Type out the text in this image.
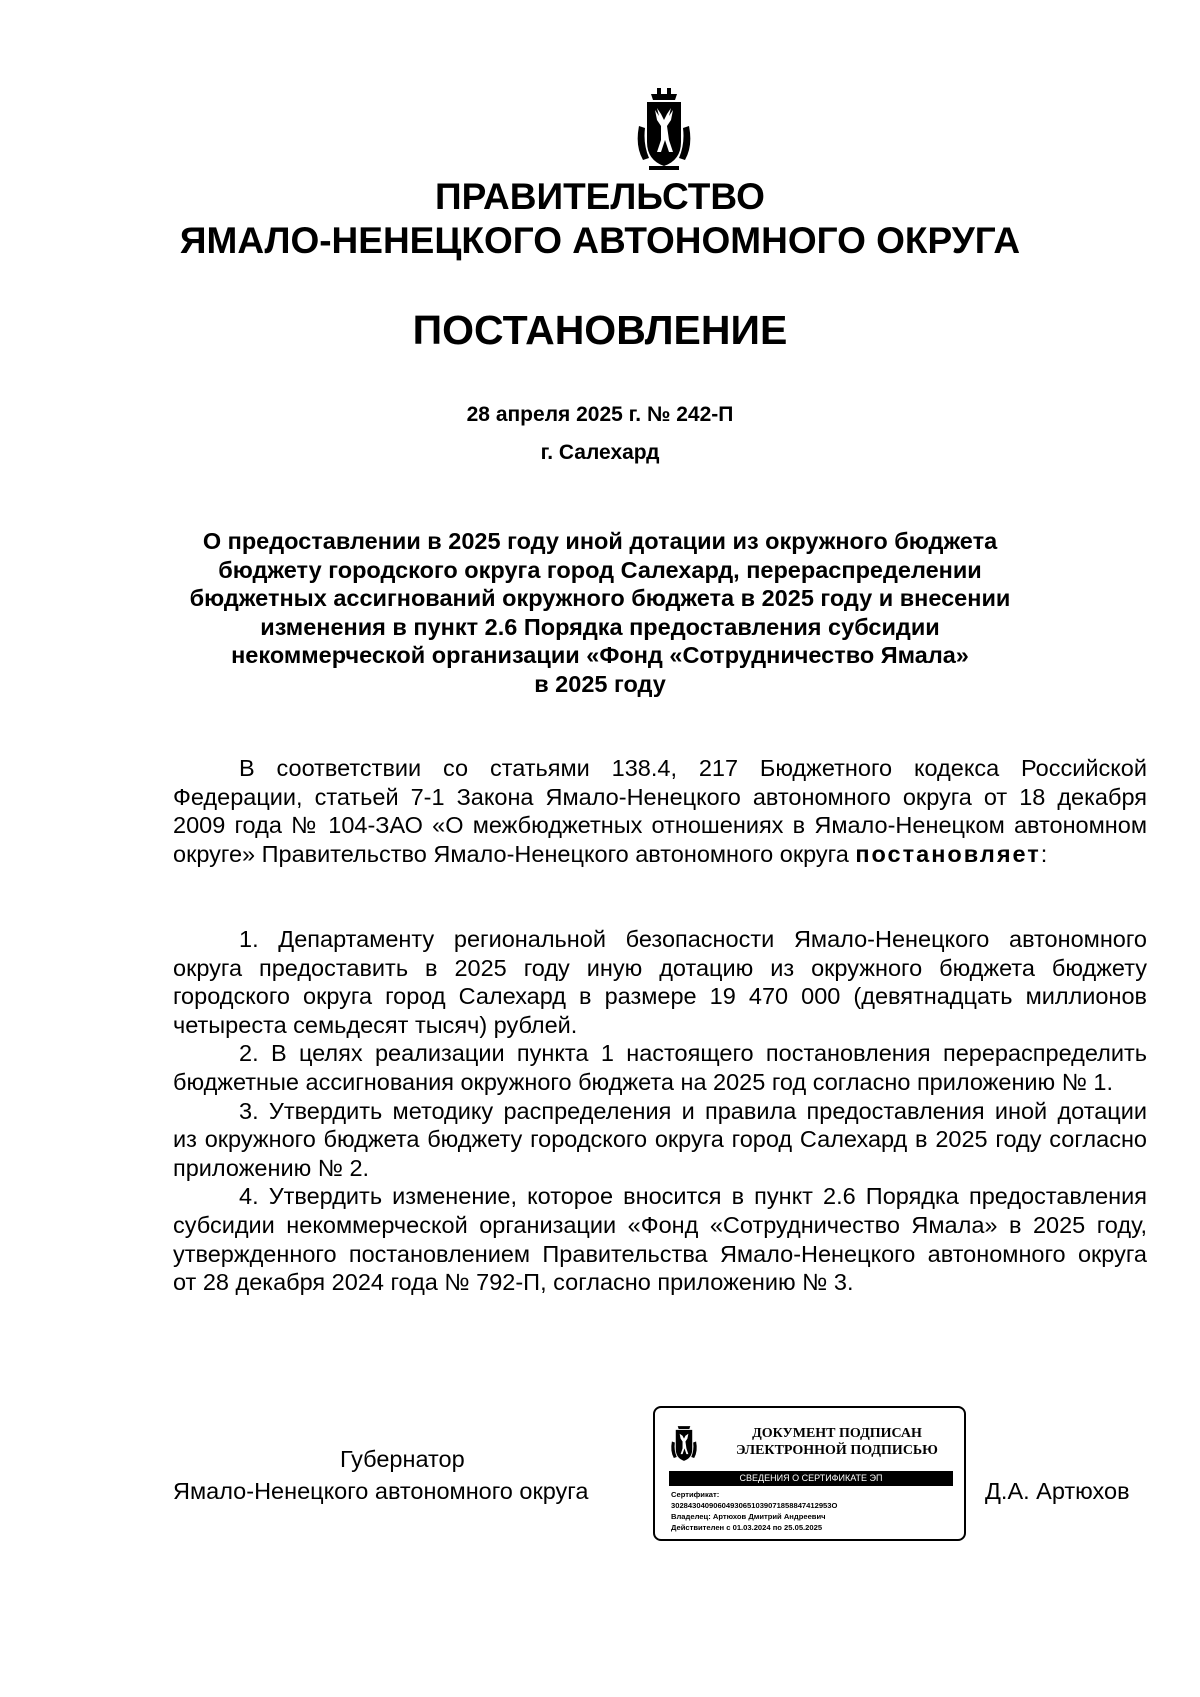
ПРАВИТЕЛЬСТВО
ЯМАЛО-НЕНЕЦКОГО АВТОНОМНОГО ОКРУГА
ПОСТАНОВЛЕНИЕ
28 апреля 2025 г. № 242-П
г. Салехард
О предоставлении в 2025 году иной дотации из окружного бюджета
бюджету городского округа город Салехард, перераспределении
бюджетных ассигнований окружного бюджета в 2025 году и внесении
изменения в пункт 2.6 Порядка предоставления субсидии
некоммерческой организации «Фонд «Сотрудничество Ямала»
в 2025 году

В соответствии со статьями 138.4, 217 Бюджетного кодекса Российской Федерации, статьей 7-1 Закона Ямало-Ненецкого автономного округа от 18 декабря 2009 года № 104-ЗАО «О межбюджетных отношениях в Ямало-Ненецком автономном округе» Правительство Ямало-Ненецкого автономного округа постановляет:

1. Департаменту региональной безопасности Ямало-Ненецкого автономного округа предоставить в 2025 году иную дотацию из окружного бюджета бюджету городского округа город Салехард в размере 19 470 000 (девятнадцать миллионов четыреста семьдесят тысяч) рублей.

2. В целях реализации пункта 1 настоящего постановления перераспределить бюджетные ассигнования окружного бюджета на 2025 год согласно приложению № 1.

3. Утвердить методику распределения и правила предоставления иной дотации из окружного бюджета бюджету городского округа город Салехард в 2025 году согласно приложению № 2.

4. Утвердить изменение, которое вносится в пункт 2.6 Порядка предоставления субсидии некоммерческой организации «Фонд «Сотрудничество Ямала» в 2025 году, утвержденного постановлением Правительства Ямало-Ненецкого автономного округа от 28 декабря 2024 года № 792-П, согласно приложению № 3.

Губернатор
Ямало-Ненецкого автономного округа	Д.А. Артюхов
ДОКУМЕНТ ПОДПИСАН
ЭЛЕКТРОННОЙ ПОДПИСЬЮ
СВЕДЕНИЯ О СЕРТИФИКАТЕ ЭП
Сертификат:
30284304090604930651039071858847412953О
Владелец: Артюхов Дмитрий Андреевич
Действителен с 01.03.2024 по 25.05.2025
